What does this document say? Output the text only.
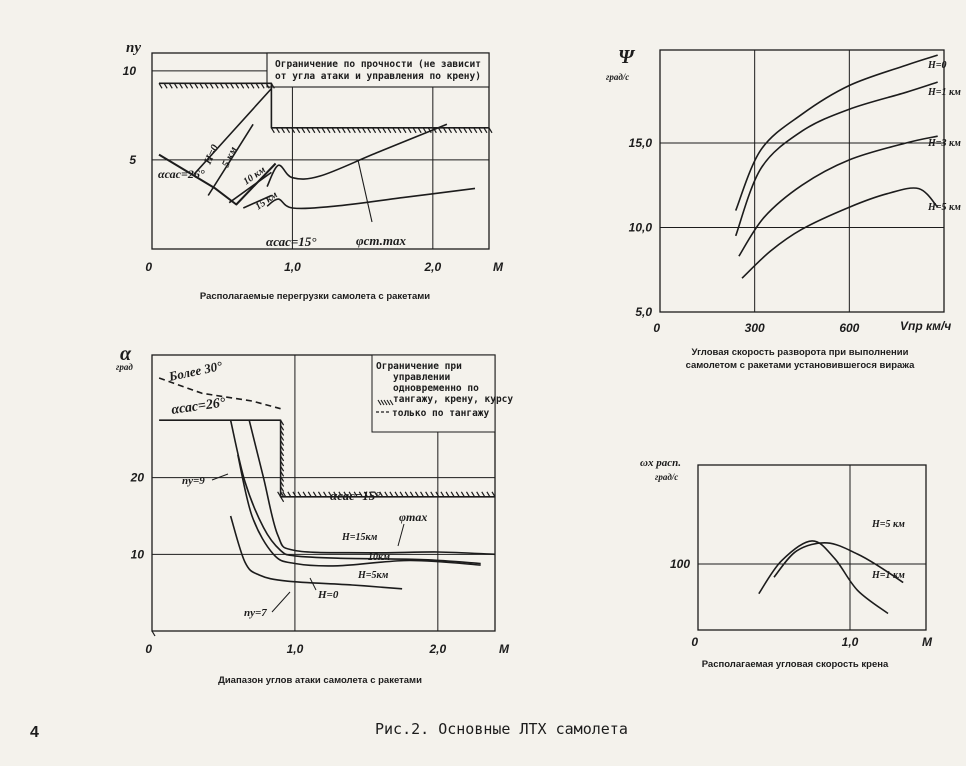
0	1,0	2,0
5
10
nу
M
Ограничение по прочности (не зависит
от угла атаки и управления по крену)
αсас=26°
H=0
5 км
10 км
15 км
αсас=15°	φст.max
0	300	600
5,0
10,0
15,0
Ψ
град/с
Vпр км/ч
H=0
H=1 км
H=3 км
H=5 км
0	1,0	2,0
10
20
α
град
M
Ограничение при
управлении
одновременно по
тангажу, крену, курсу
только по тангажу
Более 30°
αсас=26°
αсас=15°
φmах
nу=9
nу=7
H=15км
10км
H=5км
H=0
0	1,0
100
ωх расп.
град/с
M
H=5 км
H=1 км
Располагаемые перегрузки самолета с ракетами
Угловая скорость разворота при выполнении
самолетом с ракетами установившегося виража
Диапазон углов атаки самолета с ракетами
Располагаемая угловая скорость крена
Рис.2. Основные ЛТХ самолета
4
